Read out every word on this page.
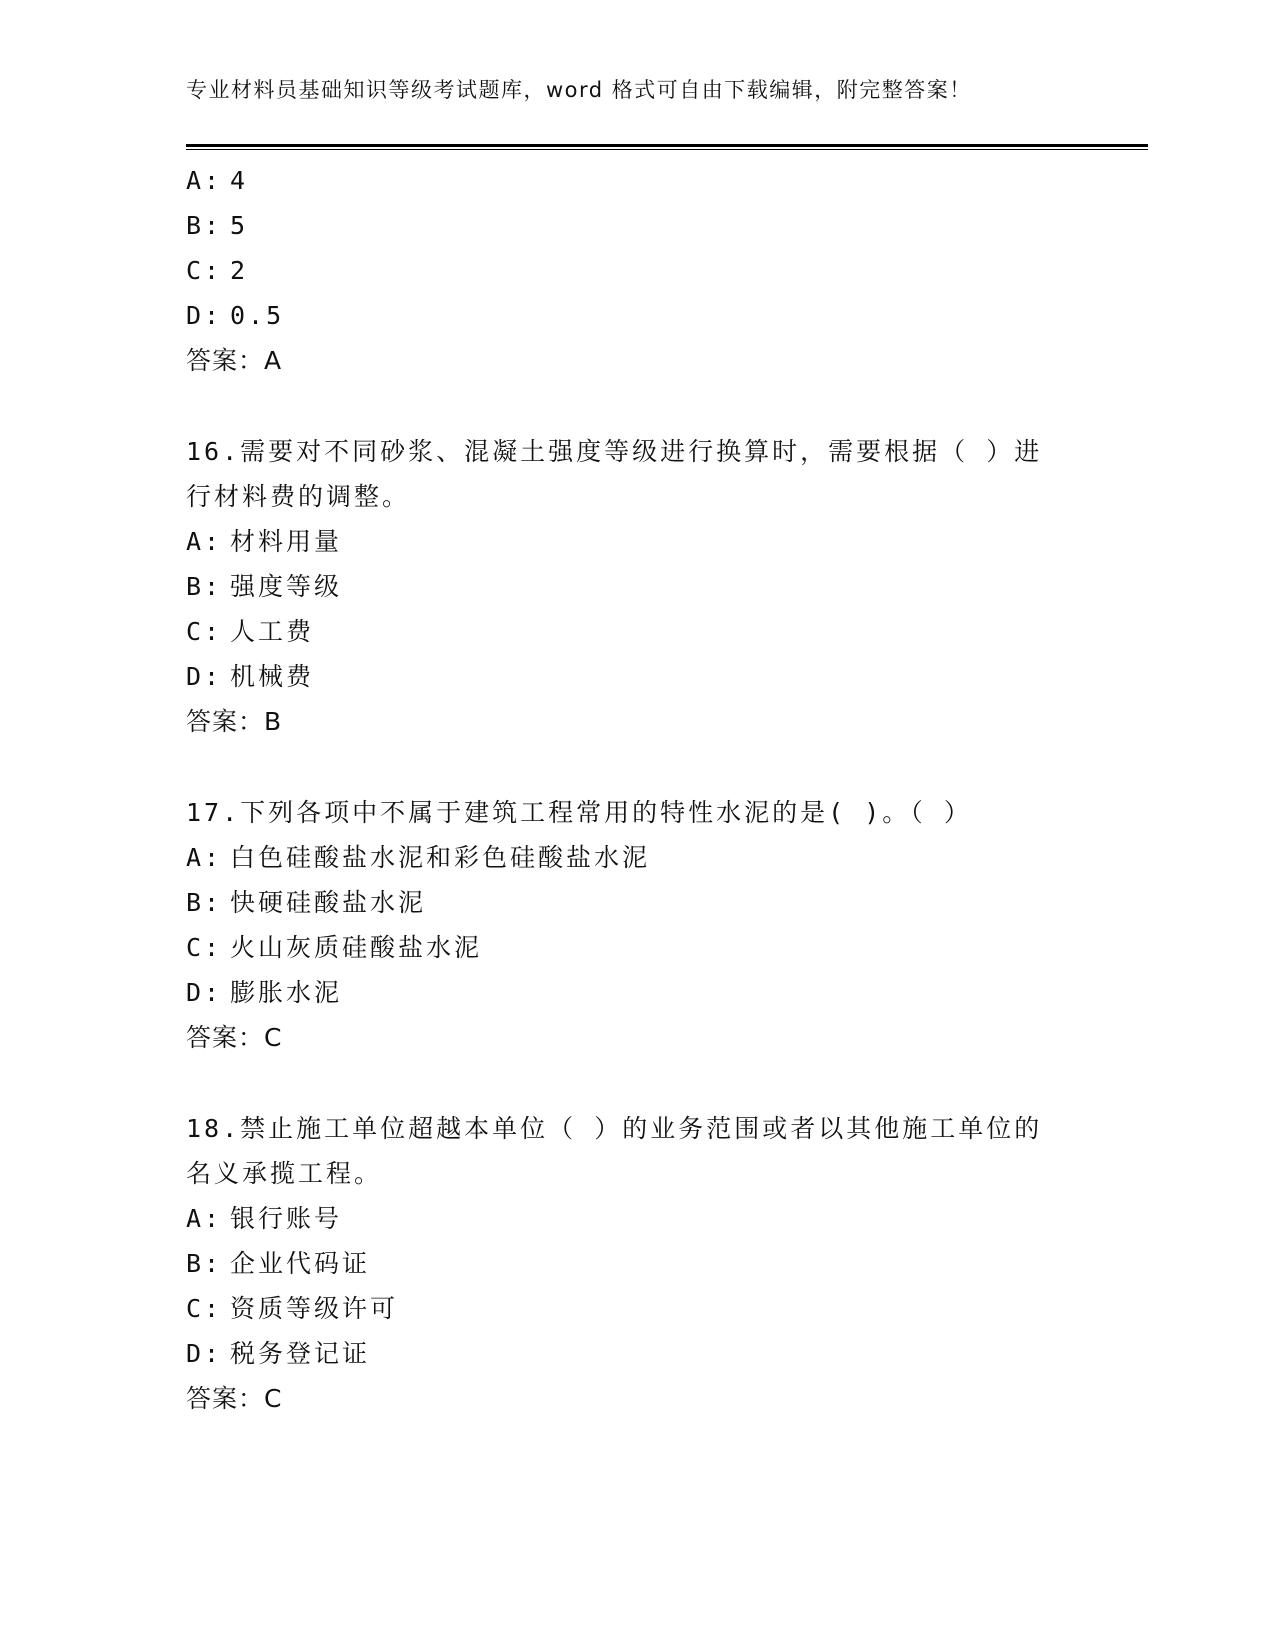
专业材料员基础知识等级考试题库，word 格式可自由下载编辑，附完整答案！
A: 4
B: 5
C: 2
D: 0.5
答案：A
16.需要对不同砂浆、混凝土强度等级进行换算时，需要根据（ ）进
行材料费的调整。
A: 材料用量
B: 强度等级
C: 人工费
D: 机械费
答案：B
17.下列各项中不属于建筑工程常用的特性水泥的是( )。（ ）
A: 白色硅酸盐水泥和彩色硅酸盐水泥
B: 快硬硅酸盐水泥
C: 火山灰质硅酸盐水泥
D: 膨胀水泥
答案：C
18.禁止施工单位超越本单位（ ）的业务范围或者以其他施工单位的
名义承揽工程。
A: 银行账号
B: 企业代码证
C: 资质等级许可
D: 税务登记证
答案：C
